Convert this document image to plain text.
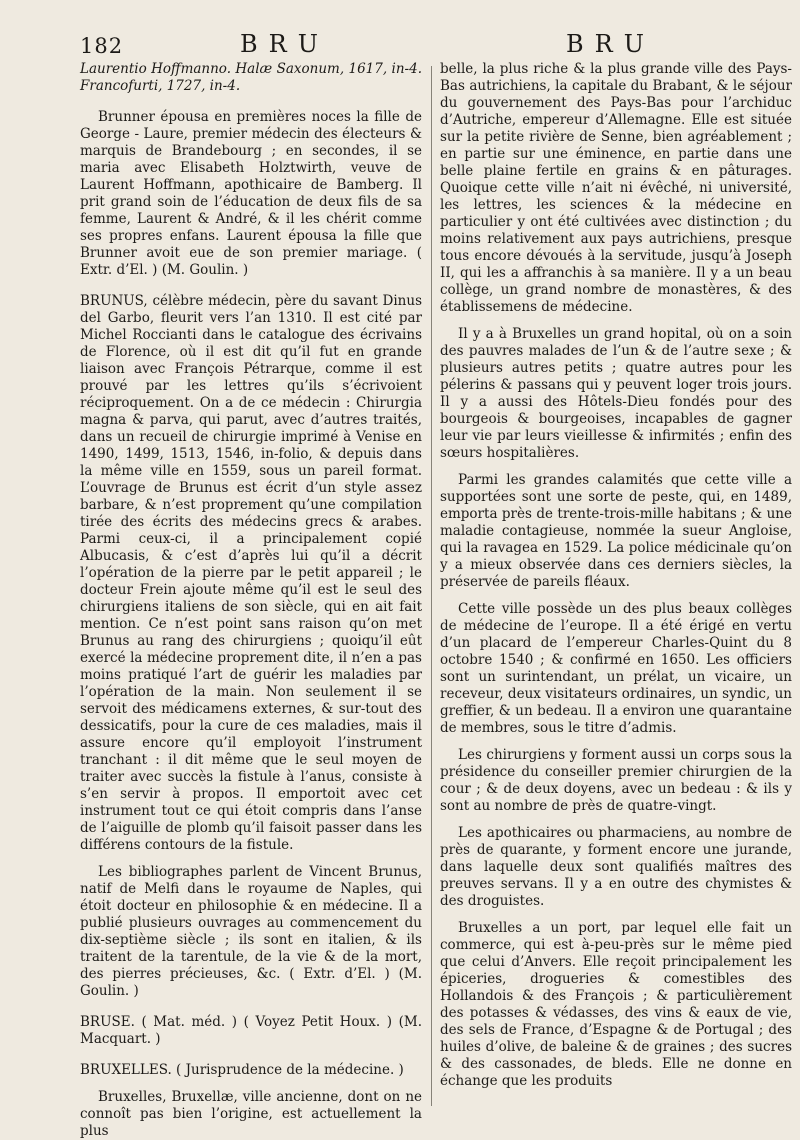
182	BRU	BRU

Laurentio Hoffmanno. Halæ Saxonum, 1617, in-4. Francofurti, 1727, in-4.

Brunner épousa en premières noces la fille de George - Laure, premier médecin des électeurs & marquis de Brandebourg ; en secondes, il se maria avec Elisabeth Holztwirth, veuve de Laurent Hoffmann, apothicaire de Bamberg. Il prit grand soin de l’éducation de deux fils de sa femme, Laurent & André, & il les chérit comme ses propres enfans. Laurent épousa la fille que Brunner avoit eue de son premier mariage. ( Extr. d’El. ) (M. Goulin. )

BRUNUS, célèbre médecin, père du savant Dinus del Garbo, fleurit vers l’an 1310. Il est cité par Michel Roccianti dans le catalogue des écrivains de Florence, où il est dit qu’il fut en grande liaison avec François Pétrarque, comme il est prouvé par les lettres qu’ils s’écrivoient réciproquement. On a de ce médecin : Chirurgia magna & parva, qui parut, avec d’autres traités, dans un recueil de chirurgie imprimé à Venise en 1490, 1499, 1513, 1546, in-folio, & depuis dans la même ville en 1559, sous un pareil format. L’ouvrage de Brunus est écrit d’un style assez barbare, & n’est proprement qu’une compilation tirée des écrits des médecins grecs & arabes. Parmi ceux-ci, il a principalement copié Albucasis, & c’est d’après lui qu’il a décrit l’opération de la pierre par le petit appareil ; le docteur Frein ajoute même qu’il est le seul des chirurgiens italiens de son siècle, qui en ait fait mention. Ce n’est point sans raison qu’on met Brunus au rang des chirurgiens ; quoiqu’il eût exercé la médecine proprement dite, il n’en a pas moins pratiqué l’art de guérir les maladies par l’opération de la main. Non seulement il se servoit des médicamens externes, & sur-tout des dessicatifs, pour la cure de ces maladies, mais il assure encore qu’il employoit l’instrument tranchant : il dit même que le seul moyen de traiter avec succès la fistule à l’anus, consiste à s’en servir à propos. Il emportoit avec cet instrument tout ce qui étoit compris dans l’anse de l’aiguille de plomb qu’il faisoit passer dans les différens contours de la fistule.

Les bibliographes parlent de Vincent Brunus, natif de Melfi dans le royaume de Naples, qui étoit docteur en philosophie & en médecine. Il a publié plusieurs ouvrages au commencement du dix-septième siècle ; ils sont en italien, & ils traitent de la tarentule, de la vie & de la mort, des pierres précieuses, &c. ( Extr. d’El. ) (M. Goulin. )

BRUSE. ( Mat. méd. ) ( Voyez Petit Houx. ) (M. Macquart. )

BRUXELLES. ( Jurisprudence de la médecine. )

Bruxelles, Bruxellæ, ville ancienne, dont on ne connoît pas bien l’origine, est actuellement la plus

belle, la plus riche & la plus grande ville des Pays-Bas autrichiens, la capitale du Brabant, & le séjour du gouvernement des Pays-Bas pour l’archiduc d’Autriche, empereur d’Allemagne. Elle est située sur la petite rivière de Senne, bien agréablement ; en partie sur une éminence, en partie dans une belle plaine fertile en grains & en pâturages. Quoique cette ville n’ait ni évêché, ni université, les lettres, les sciences & la médecine en particulier y ont été cultivées avec distinction ; du moins relativement aux pays autrichiens, presque tous encore dévoués à la servitude, jusqu’à Joseph II, qui les a affranchis à sa manière. Il y a un beau collège, un grand nombre de monastères, & des établissemens de médecine.

Il y a à Bruxelles un grand hopital, où on a soin des pauvres malades de l’un & de l’autre sexe ; & plusieurs autres petits ; quatre autres pour les pélerins & passans qui y peuvent loger trois jours. Il y a aussi des Hôtels-Dieu fondés pour des bourgeois & bourgeoises, incapables de gagner leur vie par leurs vieillesse & infirmités ; enfin des sœurs hospitalières.

Parmi les grandes calamités que cette ville a supportées sont une sorte de peste, qui, en 1489, emporta près de trente-trois-mille habitans ; & une maladie contagieuse, nommée la sueur Angloise, qui la ravagea en 1529. La police médicinale qu’on y a mieux observée dans ces derniers siècles, la préservée de pareils fléaux.

Cette ville possède un des plus beaux collèges de médecine de l’europe. Il a été érigé en vertu d’un placard de l’empereur Charles-Quint du 8 octobre 1540 ; & confirmé en 1650. Les officiers sont un surintendant, un prélat, un vicaire, un receveur, deux visitateurs ordinaires, un syndic, un greffier, & un bedeau. Il a environ une quarantaine de membres, sous le titre d’admis.

Les chirurgiens y forment aussi un corps sous la présidence du conseiller premier chirurgien de la cour ; & de deux doyens, avec un bedeau : & ils y sont au nombre de près de quatre-vingt.

Les apothicaires ou pharmaciens, au nombre de près de quarante, y forment encore une jurande, dans laquelle deux sont qualifiés maîtres des preuves servans. Il y a en outre des chymistes & des droguistes.

Bruxelles a un port, par lequel elle fait un commerce, qui est à-peu-près sur le même pied que celui d’Anvers. Elle reçoit principalement les épiceries, drogueries & comestibles des Hollandois & des François ; & particulièrement des potasses & védasses, des vins & eaux de vie, des sels de France, d’Espagne & de Portugal ; des huiles d’olive, de baleine & de graines ; des sucres & des cassonades, de bleds. Elle ne donne en échange que les produits
